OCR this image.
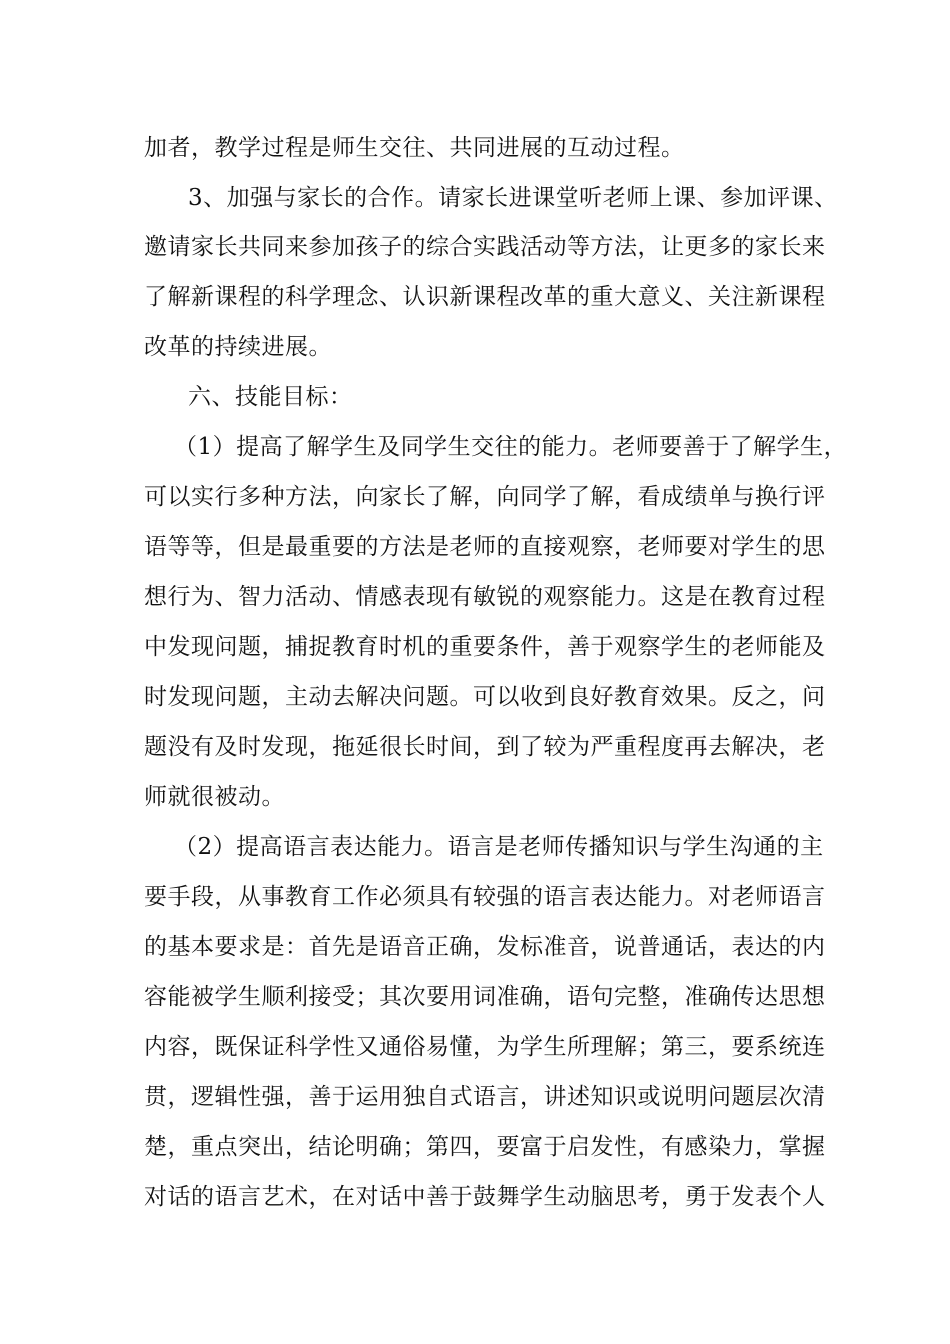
加者，教学过程是师生交往、共同进展的互动过程。
3、加强与家长的合作。请家长进课堂听老师上课、参加评课、
邀请家长共同来参加孩子的综合实践活动等方法，让更多的家长来
了解新课程的科学理念、认识新课程改革的重大意义、关注新课程
改革的持续进展。
六、技能目标：
（1）提高了解学生及同学生交往的能力。老师要善于了解学生，
可以实行多种方法，向家长了解，向同学了解，看成绩单与换行评
语等等，但是最重要的方法是老师的直接观察，老师要对学生的思
想行为、智力活动、情感表现有敏锐的观察能力。这是在教育过程
中发现问题，捕捉教育时机的重要条件，善于观察学生的老师能及
时发现问题，主动去解决问题。可以收到良好教育效果。反之，问
题没有及时发现，拖延很长时间，到了较为严重程度再去解决，老
师就很被动。
（2）提高语言表达能力。语言是老师传播知识与学生沟通的主
要手段，从事教育工作必须具有较强的语言表达能力。对老师语言
的基本要求是：首先是语音正确，发标准音，说普通话，表达的内
容能被学生顺利接受；其次要用词准确，语句完整，准确传达思想
内容，既保证科学性又通俗易懂，为学生所理解；第三，要系统连
贯，逻辑性强，善于运用独自式语言，讲述知识或说明问题层次清
楚，重点突出，结论明确；第四，要富于启发性，有感染力，掌握
对话的语言艺术，在对话中善于鼓舞学生动脑思考，勇于发表个人
